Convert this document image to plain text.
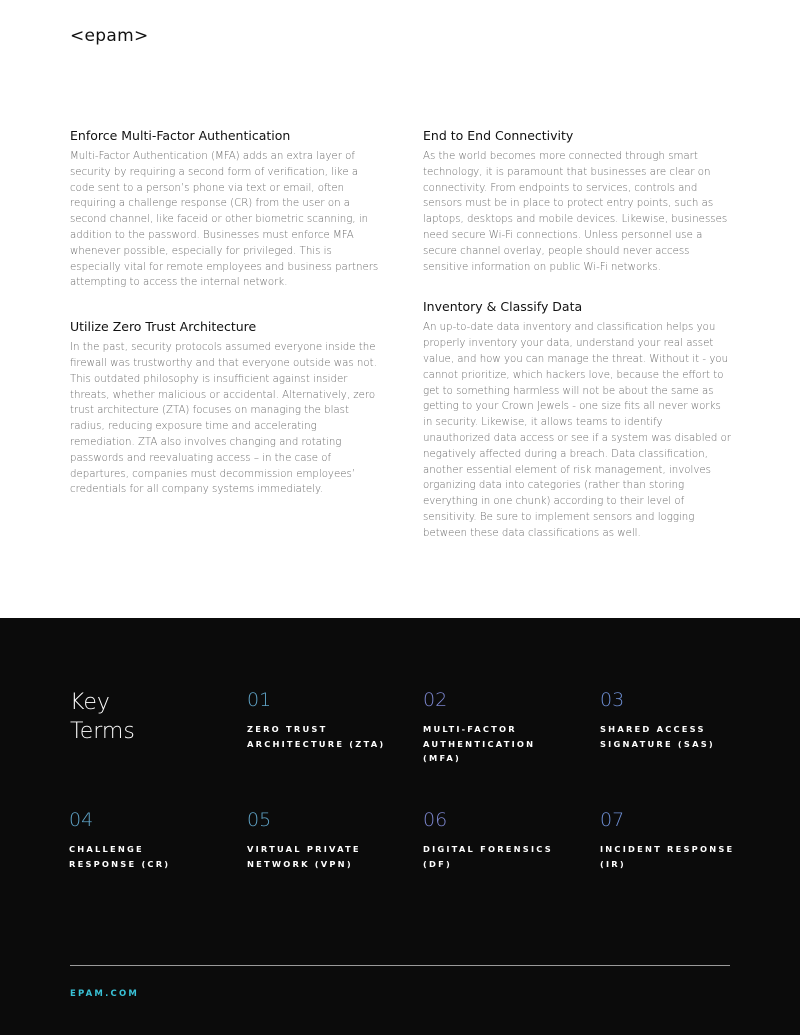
<epam>
Enforce Multi-Factor Authentication

Multi-Factor Authentication (MFA) adds an extra layer of security by requiring a second form of verification, like a code sent to a person’s phone via text or email, often requiring a challenge response (CR) from the user on a second channel, like faceid or other biometric scanning, in addition to the password. Businesses must enforce MFA whenever possible, especially for privileged. This is especially vital for remote employees and business partners attempting to access the internal network.

Utilize Zero Trust Architecture

In the past, security protocols assumed everyone inside the firewall was trustworthy and that everyone outside was not. This outdated philosophy is insufficient against insider threats, whether malicious or accidental. Alternatively, zero trust architecture (ZTA) focuses on managing the blast radius, reducing exposure time and accelerating remediation. ZTA also involves changing and rotating passwords and reevaluating access – in the case of departures, companies must decommission employees’ credentials for all company systems immediately.

End to End Connectivity

As the world becomes more connected through smart technology, it is paramount that businesses are clear on connectivity. From endpoints to services, controls and sensors must be in place to protect entry points, such as laptops, desktops and mobile devices. Likewise, businesses need secure Wi-Fi connections. Unless personnel use a secure channel overlay, people should never access sensitive information on public Wi-Fi networks.

Inventory & Classify Data

An up-to-date data inventory and classification helps you properly inventory your data, understand your real asset value, and how you can manage the threat. Without it - you cannot prioritize, which hackers love, because the effort to get to something harmless will not be about the same as getting to your Crown Jewels - one size fits all never works in security. Likewise, it allows teams to identify unauthorized data access or see if a system was disabled or negatively affected during a breach. Data classification, another essential element of risk management, involves organizing data into categories (rather than storing everything in one chunk) according to their level of sensitivity. Be sure to implement sensors and logging between these data classifications as well.

Key
Terms
01
ZERO TRUST ARCHITECTURE (ZTA)
02
MULTI-FACTOR AUTHENTICATION (MFA)
03
SHARED ACCESS SIGNATURE (SAS)
04
CHALLENGE RESPONSE (CR)
05
VIRTUAL PRIVATE NETWORK (VPN)
06
DIGITAL FORENSICS (DF)
07
INCIDENT RESPONSE (IR)
EPAM.COM
